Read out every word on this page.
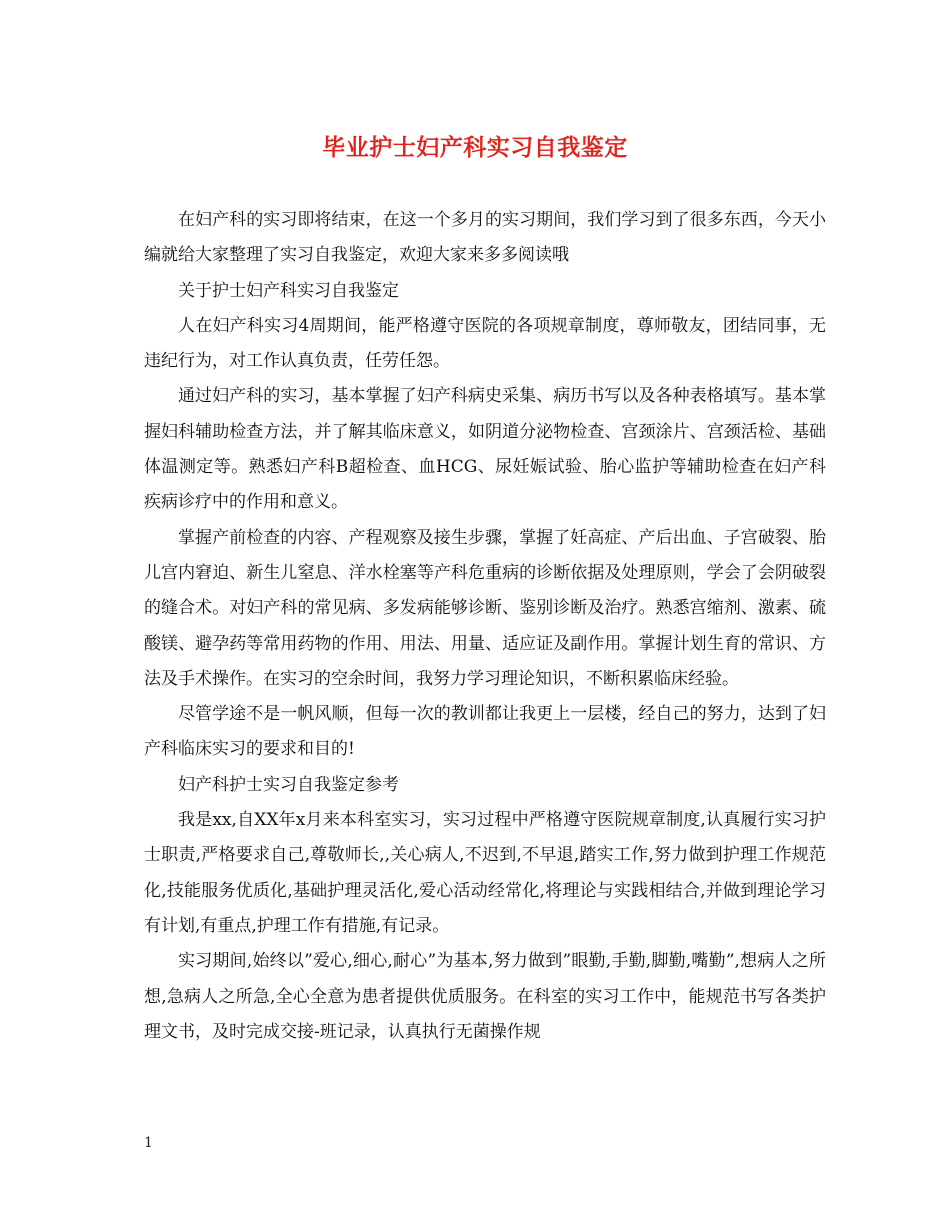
毕业护士妇产科实习自我鉴定

在妇产科的实习即将结束，在这一个多月的实习期间，我们学习到了很多东西，今天小编就给大家整理了实习自我鉴定，欢迎大家来多多阅读哦

关于护士妇产科实习自我鉴定

人在妇产科实习4周期间，能严格遵守医院的各项规章制度，尊师敬友，团结同事，无违纪行为，对工作认真负责，任劳任怨。

通过妇产科的实习，基本掌握了妇产科病史采集、病历书写以及各种表格填写。基本掌握妇科辅助检查方法，并了解其临床意义，如阴道分泌物检查、宫颈涂片、宫颈活检、基础体温测定等。熟悉妇产科B超检查、血HCG、尿妊娠试验、胎心监护等辅助检查在妇产科疾病诊疗中的作用和意义。

掌握产前检查的内容、产程观察及接生步骤，掌握了妊高症、产后出血、子宫破裂、胎儿宫内窘迫、新生儿窒息、洋水栓塞等产科危重病的诊断依据及处理原则，学会了会阴破裂的缝合术。对妇产科的常见病、多发病能够诊断、鉴别诊断及治疗。熟悉宫缩剂、激素、硫酸镁、避孕药等常用药物的作用、用法、用量、适应证及副作用。掌握计划生育的常识、方法及手术操作。在实习的空余时间，我努力学习理论知识，不断积累临床经验。

尽管学途不是一帆风顺，但每一次的教训都让我更上一层楼，经自己的努力，达到了妇产科临床实习的要求和目的!

妇产科护士实习自我鉴定参考

我是xx,自XX年x月来本科室实习，实习过程中严格遵守医院规章制度,认真履行实习护士职责,严格要求自己,尊敬师长,,关心病人,不迟到,不早退,踏实工作,努力做到护理工作规范化,技能服务优质化,基础护理灵活化,爱心活动经常化,将理论与实践相结合,并做到理论学习有计划,有重点,护理工作有措施,有记录。

实习期间,始终以”爱心,细心,耐心”为基本,努力做到”眼勤,手勤,脚勤,嘴勤”,想病人之所想,急病人之所急,全心全意为患者提供优质服务。在科室的实习工作中，能规范书写各类护理文书，及时完成交接-班记录，认真执行无菌操作规

1
